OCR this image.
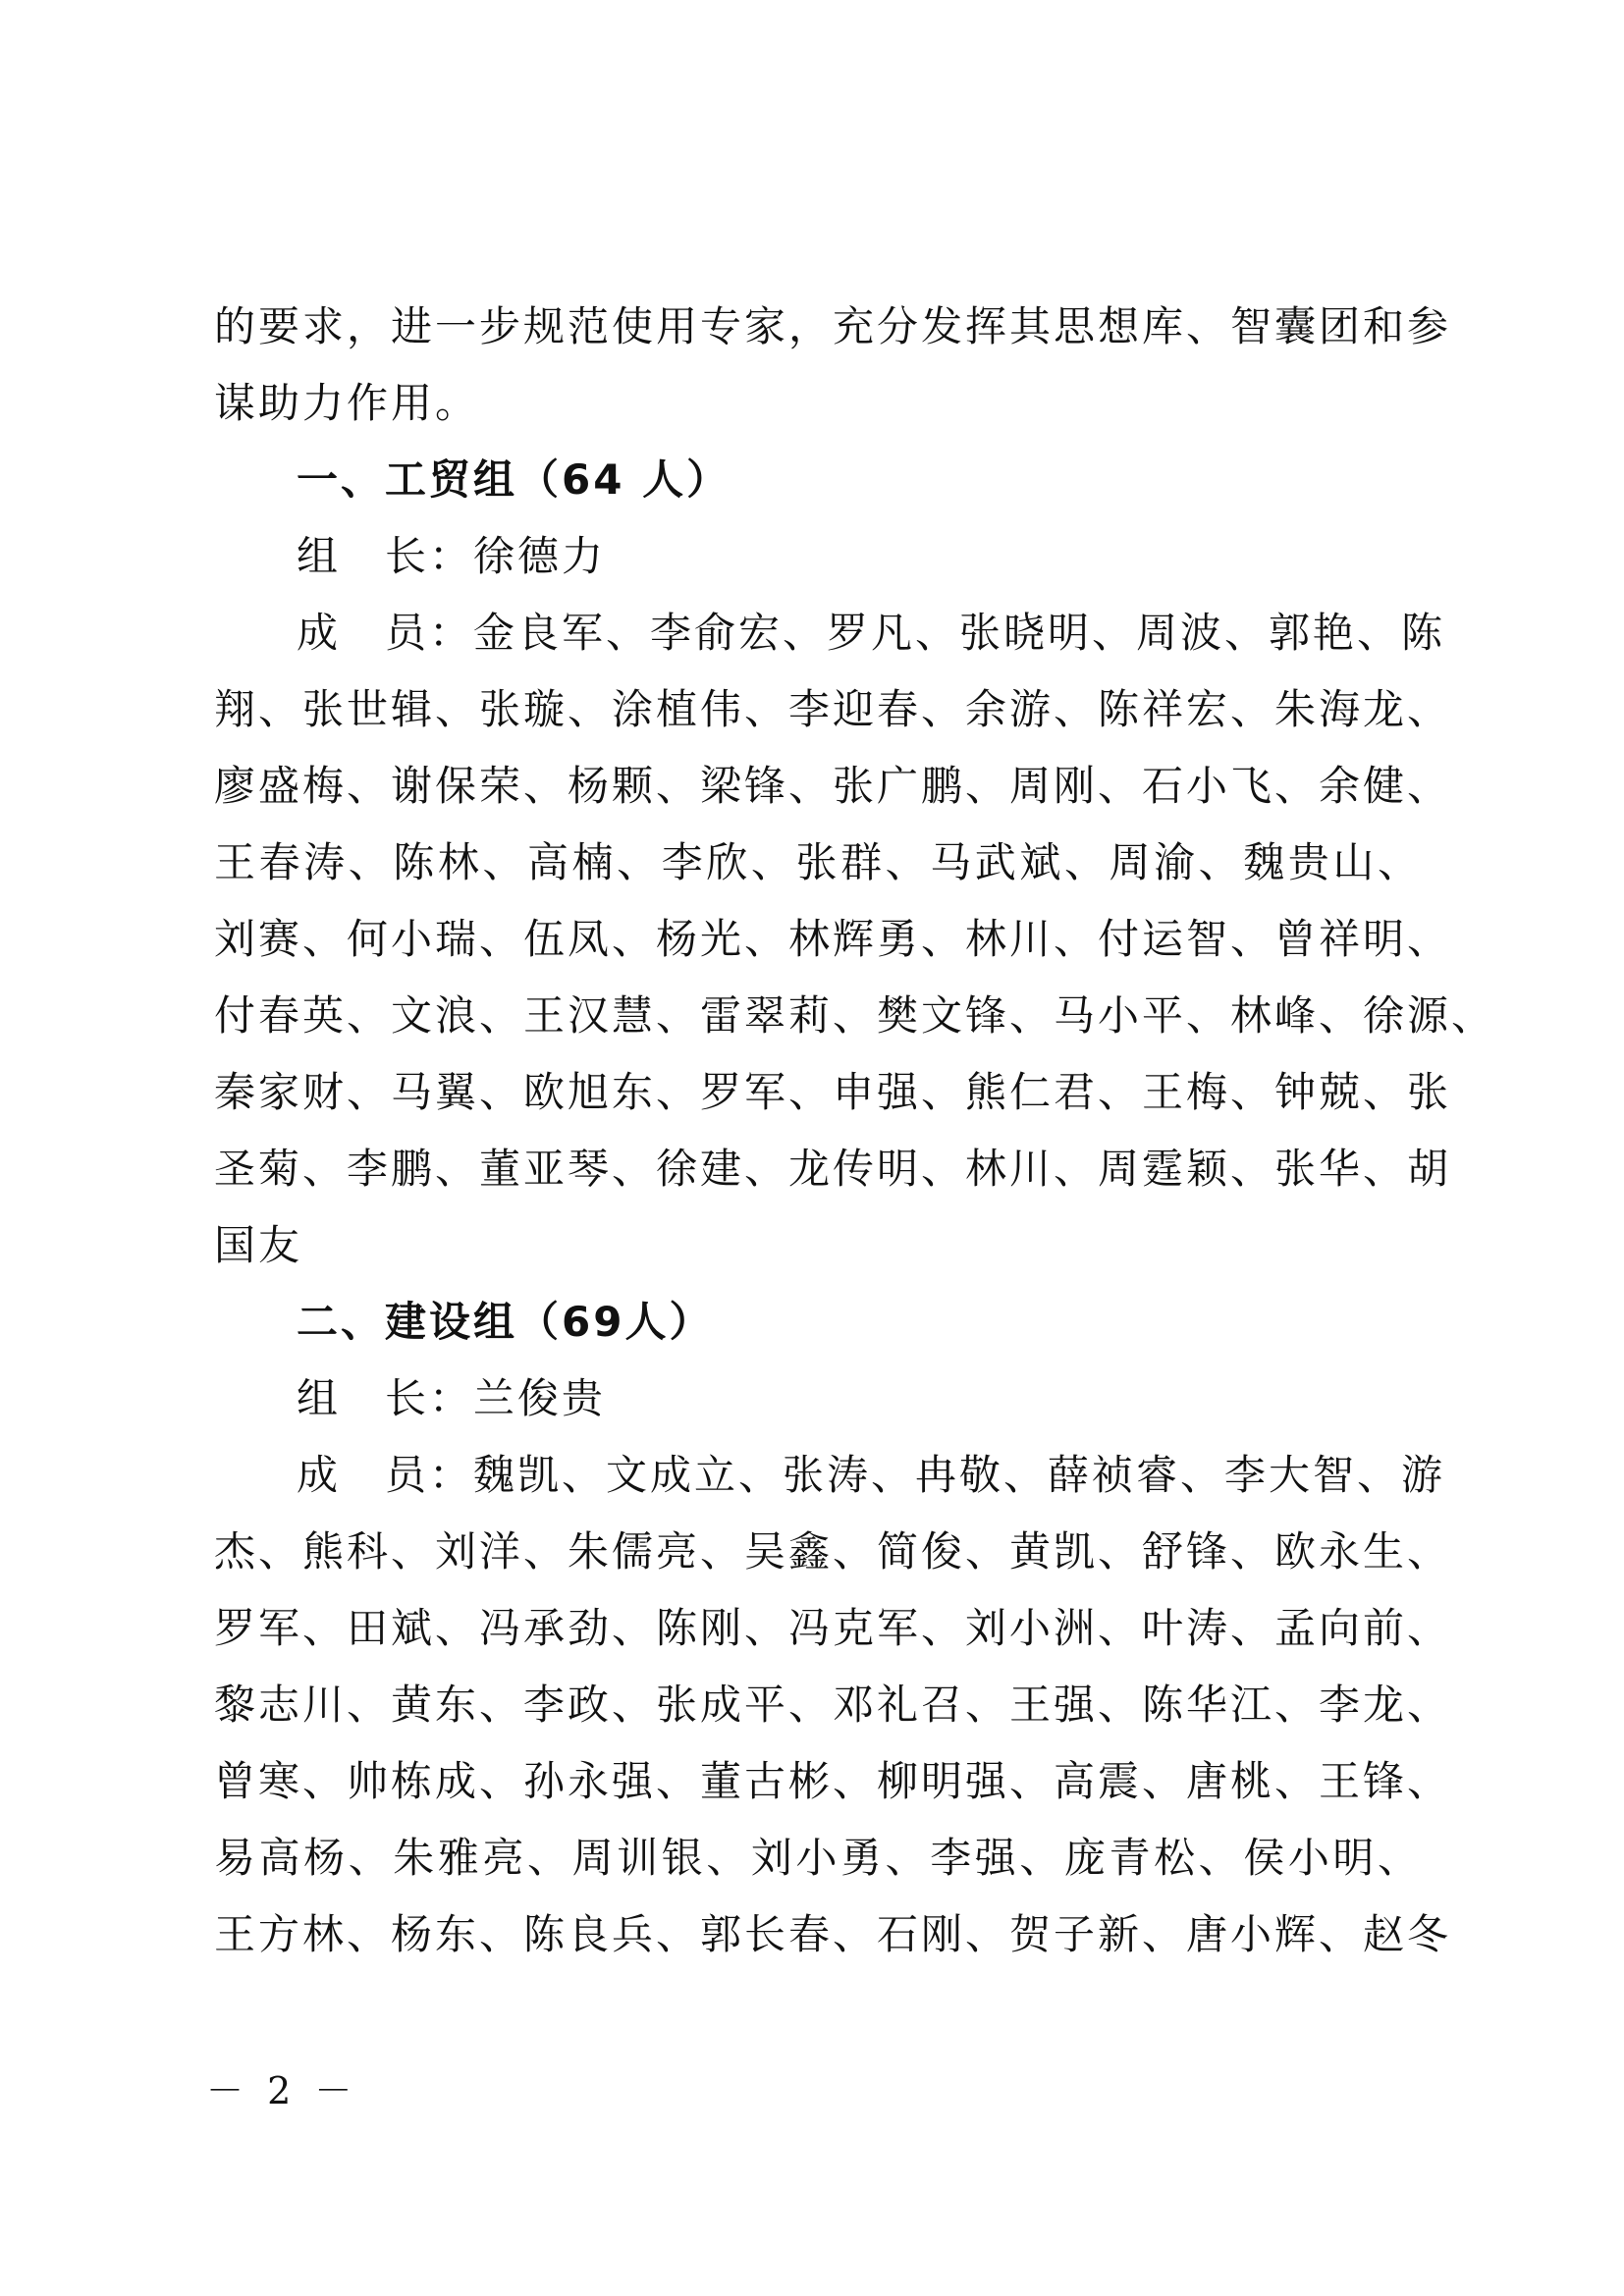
的要求，进一步规范使用专家，充分发挥其思想库、智囊团和参
谋助力作用。
一、工贸组（64 人）
组　长：徐德力
成　员：金良军、李俞宏、罗凡、张晓明、周波、郭艳、陈
翔、张世辑、张璇、涂植伟、李迎春、余游、陈祥宏、朱海龙、
廖盛梅、谢保荣、杨颗、梁锋、张广鹏、周刚、石小飞、余健、
王春涛、陈林、高楠、李欣、张群、马武斌、周渝、魏贵山、
刘赛、何小瑞、伍凤、杨光、林辉勇、林川、付运智、曾祥明、
付春英、文浪、王汉慧、雷翠莉、樊文锋、马小平、林峰、徐源、
秦家财、马翼、欧旭东、罗军、申强、熊仁君、王梅、钟兢、张
圣菊、李鹏、董亚琴、徐建、龙传明、林川、周霆颖、张华、胡
国友
二、建设组（69人）
组　长：兰俊贵
成　员：魏凯、文成立、张涛、冉敬、薛祯睿、李大智、游
杰、熊科、刘洋、朱儒亮、吴鑫、简俊、黄凯、舒锋、欧永生、
罗军、田斌、冯承劲、陈刚、冯克军、刘小洲、叶涛、孟向前、
黎志川、黄东、李政、张成平、邓礼召、王强、陈华江、李龙、
曾寒、帅栋成、孙永强、董古彬、柳明强、高震、唐桃、王锋、
易高杨、朱雅亮、周训银、刘小勇、李强、庞青松、侯小明、
王方林、杨东、陈良兵、郭长春、石刚、贺子新、唐小辉、赵冬
－ 2 －
